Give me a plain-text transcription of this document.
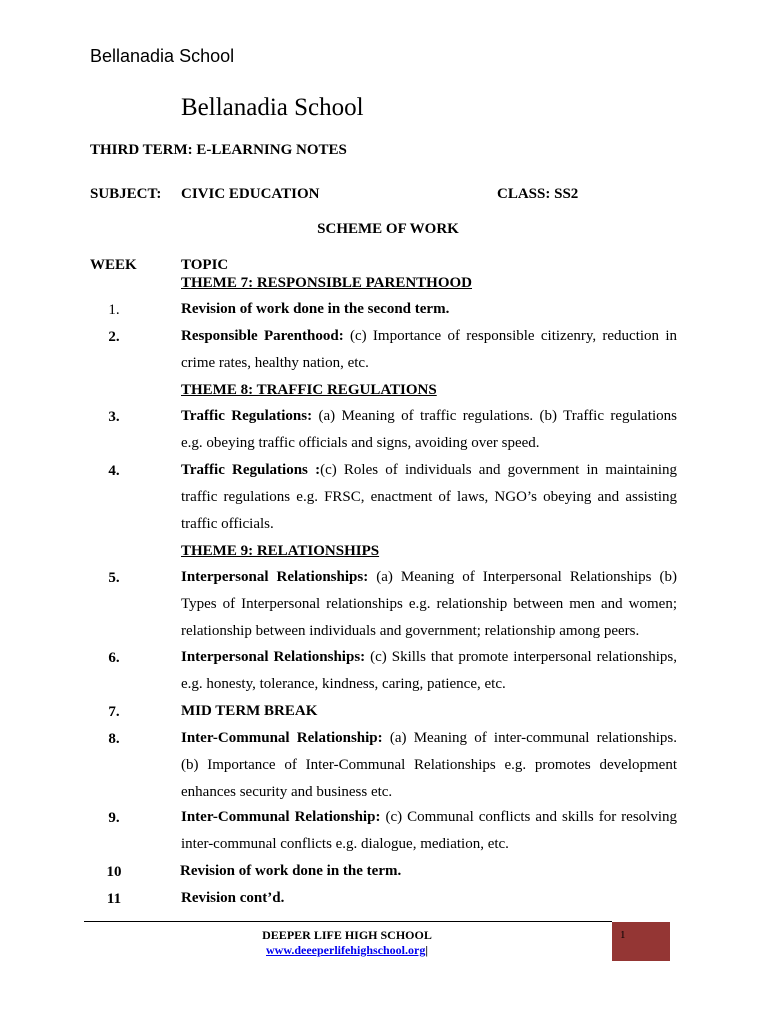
Bellanadia School
Bellanadia School
THIRD TERM: E-LEARNING NOTES
SUBJECT: CIVIC EDUCATION	CLASS: SS2
SCHEME OF WORK
WEEK	TOPIC
THEME 7: RESPONSIBLE PARENTHOOD
1.	Revision of work done in the second term.
2.	Responsible Parenthood: (c) Importance of responsible citizenry, reduction in crime rates, healthy nation, etc.
THEME 8: TRAFFIC REGULATIONS
3.	Traffic Regulations: (a) Meaning of traffic regulations. (b) Traffic regulations e.g. obeying traffic officials and signs, avoiding over speed.
4.	Traffic Regulations :(c) Roles of individuals and government in maintaining traffic regulations e.g. FRSC, enactment of laws, NGO’s obeying and assisting traffic officials.
THEME 9: RELATIONSHIPS
5.	Interpersonal Relationships: (a) Meaning of Interpersonal Relationships (b) Types of Interpersonal relationships e.g. relationship between men and women; relationship between individuals and government; relationship among peers.
6.	Interpersonal Relationships: (c) Skills that promote interpersonal relationships, e.g. honesty, tolerance, kindness, caring, patience, etc.
7.	MID TERM BREAK
8.	Inter-Communal Relationship: (a) Meaning of inter-communal relationships. (b) Importance of Inter-Communal Relationships e.g. promotes development enhances security and business etc.
9.	Inter-Communal Relationship: (c) Communal conflicts and skills for resolving inter-communal conflicts e.g. dialogue, mediation, etc.
10	Revision of work done in the term.
11	Revision cont’d.
DEEPER LIFE HIGH SCHOOL
www.deeeperlifehighschool.org|
1
